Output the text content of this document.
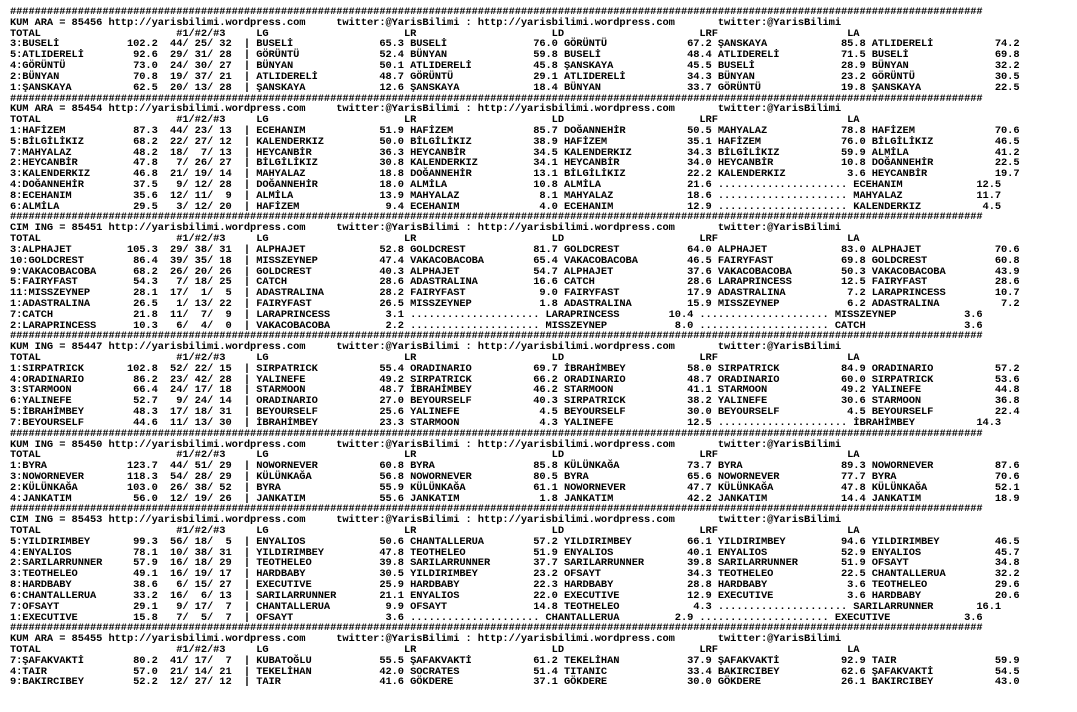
##############################################################################################################################################################
KUM ARA = 85456 http://yarisbilimi.wordpress.com     twitter:@YarisBilimi : http://yarisbilimi.wordpress.com       twitter:@YarisBilimi
TOTAL                      #1/#2/#3     LG                      LR                      LD                      LRF                     LA
3:BUSELİ           102.2  44/ 25/ 32  | BUSELİ              65.3 BUSELİ              76.0 GÖRÜNTÜ             67.2 ŞANSKAYA            85.8 ATLIDERELİ          74.2
5:ATLIDERELİ        92.6  29/ 31/ 28  | GÖRÜNTÜ             52.4 BÜNYAN              59.8 BUSELİ              48.4 ATLIDERELİ          71.5 BUSELİ              69.8
4:GÖRÜNTÜ           73.0  24/ 30/ 27  | BÜNYAN              50.1 ATLIDERELİ          45.8 ŞANSKAYA            45.5 BUSELİ              28.9 BÜNYAN              32.2
2:BÜNYAN            70.8  19/ 37/ 21  | ATLIDERELİ          48.7 GÖRÜNTÜ             29.1 ATLIDERELİ          34.3 BÜNYAN              23.2 GÖRÜNTÜ             30.5
1:ŞANSKAYA          62.5  20/ 13/ 28  | ŞANSKAYA            12.6 ŞANSKAYA            18.4 BÜNYAN              33.7 GÖRÜNTÜ             19.8 ŞANSKAYA            22.5
##############################################################################################################################################################
KUM ARA = 85454 http://yarisbilimi.wordpress.com     twitter:@YarisBilimi : http://yarisbilimi.wordpress.com       twitter:@YarisBilimi
TOTAL                      #1/#2/#3     LG                      LR                      LD                      LRF                     LA
1:HAFİZEM           87.3  44/ 23/ 13  | ECEHANIM            51.9 HAFİZEM             85.7 DOĞANNEHİR          50.5 MAHYALAZ            78.8 HAFİZEM             70.6
5:BİLGİLİKIZ        68.2  22/ 27/ 12  | KALENDERKIZ         50.0 BİLGİLİKIZ          38.9 HAFİZEM             35.1 HAFİZEM             76.0 BİLGİLİKIZ          46.5
7:MAHYALAZ          48.2  18/  7/ 13  | HEYCANBİR           36.3 HEYCANBİR           34.5 KALENDERKIZ         34.3 BİLGİLİKIZ          59.9 ALMİLA              41.2
2:HEYCANBİR         47.8   7/ 26/ 27  | BİLGİLİKIZ          30.8 KALENDERKIZ         34.1 HEYCANBİR           34.0 HEYCANBİR           10.8 DOĞANNEHİR          22.5
3:KALENDERKIZ       46.8  21/ 19/ 14  | MAHYALAZ            18.8 DOĞANNEHİR          13.1 BİLGİLİKIZ          22.2 KALENDERKIZ          3.6 HEYCANBİR           19.7
4:DOĞANNEHİR        37.5   9/ 12/ 28  | DOĞANNEHİR          18.0 ALMİLA              10.8 ALMİLA              21.6 ..................... ECEHANIM            12.5
8:ECEHANIM          35.6  12/ 11/  9  | ALMİLA              13.9 MAHYALAZ             8.1 MAHYALAZ            18.6 ..................... MAHYALAZ            11.7
6:ALMİLA            29.5   3/ 12/ 20  | HAFİZEM              9.4 ECEHANIM             4.0 ECEHANIM            12.9 ..................... KALENDERKIZ          4.5
##############################################################################################################################################################
CIM ING = 85451 http://yarisbilimi.wordpress.com     twitter:@YarisBilimi : http://yarisbilimi.wordpress.com       twitter:@YarisBilimi
TOTAL                      #1/#2/#3     LG                      LR                      LD                      LRF                     LA
3:ALPHAJET         105.3  29/ 38/ 31  | ALPHAJET            52.8 GOLDCREST           81.7 GOLDCREST           64.0 ALPHAJET            83.0 ALPHAJET            70.6
10:GOLDCREST        86.4  39/ 35/ 18  | MISSZEYNEP          47.4 VAKACOBACOBA        65.4 VAKACOBACOBA        46.5 FAIRYFAST           69.8 GOLDCREST           60.8
9:VAKACOBACOBA      68.2  26/ 20/ 26  | GOLDCREST           40.3 ALPHAJET            54.7 ALPHAJET            37.6 VAKACOBACOBA        50.3 VAKACOBACOBA        43.9
5:FAIRYFAST         54.3   7/ 18/ 25  | CATCH               28.6 ADASTRALINA         16.6 CATCH               28.6 LARAPRINCESS        12.5 FAIRYFAST           28.6
11:MISSZEYNEP       28.1  17/  1/  5  | ADASTRALINA         28.2 FAIRYFAST            9.0 FAIRYFAST           17.9 ADASTRALINA          7.2 LARAPRINCESS        10.7
1:ADASTRALINA       26.5   1/ 13/ 22  | FAIRYFAST           26.5 MISSZEYNEP           1.8 ADASTRALINA         15.9 MISSZEYNEP           6.2 ADASTRALINA          7.2
7:CATCH             21.8  11/  7/  9  | LARAPRINCESS         3.1 ..................... LARAPRINCESS        10.4 ..................... MISSZEYNEP           3.6
2:LARAPRINCESS      10.3   6/  4/  0  | VAKACOBACOBA         2.2 ..................... MISSZEYNEP           8.0 ..................... CATCH                3.6
##############################################################################################################################################################
KUM ING = 85447 http://yarisbilimi.wordpress.com     twitter:@YarisBilimi : http://yarisbilimi.wordpress.com       twitter:@YarisBilimi
TOTAL                      #1/#2/#3     LG                      LR                      LD                      LRF                     LA
1:SIRPATRICK       102.8  52/ 22/ 15  | SIRPATRICK          55.4 ORADINARIO          69.7 İBRAHİMBEY          58.0 SIRPATRICK          84.9 ORADINARIO          57.2
4:ORADINARIO        86.2  23/ 42/ 28  | YALINEFE            49.2 SIRPATRICK          66.2 ORADINARIO          48.7 ORADINARIO          60.0 SIRPATRICK          53.6
3:STARMOON          66.4  24/ 17/ 18  | STARMOON            48.7 İBRAHİMBEY          46.2 STARMOON            41.1 STARMOON            49.2 YALINEFE            44.8
6:YALINEFE          52.7   9/ 24/ 14  | ORADINARIO          27.0 BEYOURSELF          40.3 SIRPATRICK          38.2 YALINEFE            30.6 STARMOON            36.8
5:İBRAHİMBEY        48.3  17/ 18/ 31  | BEYOURSELF          25.6 YALINEFE             4.5 BEYOURSELF          30.0 BEYOURSELF           4.5 BEYOURSELF          22.4
7:BEYOURSELF        44.6  11/ 13/ 30  | İBRAHİMBEY          23.3 STARMOON             4.3 YALINEFE            12.5 ..................... İBRAHİMBEY          14.3
##############################################################################################################################################################
KUM ING = 85450 http://yarisbilimi.wordpress.com     twitter:@YarisBilimi : http://yarisbilimi.wordpress.com       twitter:@YarisBilimi
TOTAL                      #1/#2/#3     LG                      LR                      LD                      LRF                     LA
1:BYRA             123.7  44/ 51/ 29  | NOWORNEVER          60.8 BYRA                85.8 KÜLÜNKAĞA           73.7 BYRA                89.3 NOWORNEVER          87.6
3:NOWORNEVER       118.3  54/ 28/ 29  | KÜLÜNKAĞA           56.8 NOWORNEVER          80.5 BYRA                65.6 NOWORNEVER          77.7 BYRA                70.6
2:KÜLÜNKAĞA        103.0  26/ 38/ 52  | BYRA                55.9 KÜLÜNKAĞA           61.1 NOWORNEVER          47.7 KÜLÜNKAĞA           47.8 KÜLÜNKAĞA           52.1
4:JANKATIM          56.0  12/ 19/ 26  | JANKATIM            55.6 JANKATIM             1.8 JANKATIM            42.2 JANKATIM            14.4 JANKATIM            18.9
##############################################################################################################################################################
CIM ING = 85453 http://yarisbilimi.wordpress.com     twitter:@YarisBilimi : http://yarisbilimi.wordpress.com       twitter:@YarisBilimi
TOTAL                      #1/#2/#3     LG                      LR                      LD                      LRF                     LA
5:YILDIRIMBEY       99.3  56/ 18/  5  | ENYALIOS            50.6 CHANTALLERUA        57.2 YILDIRIMBEY         66.1 YILDIRIMBEY         94.6 YILDIRIMBEY         46.5
4:ENYALIOS          78.1  10/ 38/ 31  | YILDIRIMBEY         47.8 TEOTHELEO           51.9 ENYALIOS            40.1 ENYALIOS            52.9 ENYALIOS            45.7
2:SARILARRUNNER     57.9  16/ 18/ 29  | TEOTHELEO           39.8 SARILARRUNNER       37.7 SARILARRUNNER       39.8 SARILARRUNNER       51.9 OFSAYT              34.8
3:TEOTHELEO         49.1  16/ 19/ 17  | HARDBABY            30.5 YILDIRIMBEY         23.2 OFSAYT              34.3 TEOTHELEO           22.5 CHANTALLERUA        32.2
8:HARDBABY          38.6   6/ 15/ 27  | EXECUTIVE           25.9 HARDBABY            22.3 HARDBABY            28.8 HARDBABY             3.6 TEOTHELEO           29.6
6:CHANTALLERUA      33.2  16/  6/ 13  | SARILARRUNNER       21.1 ENYALIOS            22.0 EXECUTIVE           12.9 EXECUTIVE            3.6 HARDBABY            20.6
7:OFSAYT            29.1   9/ 17/  7  | CHANTALLERUA         9.9 OFSAYT              14.8 TEOTHELEO            4.3 ..................... SARILARRUNNER       16.1
1:EXECUTIVE         15.8   7/  5/  7  | OFSAYT               3.6 ..................... CHANTALLERUA         2.9 ..................... EXECUTIVE            3.6
##############################################################################################################################################################
KUM ARA = 85455 http://yarisbilimi.wordpress.com     twitter:@YarisBilimi : http://yarisbilimi.wordpress.com       twitter:@YarisBilimi
TOTAL                      #1/#2/#3     LG                      LR                      LD                      LRF                     LA
7:ŞAFAKVAKTİ        80.2  41/ 17/  7  | KUBATOĞLU           55.5 ŞAFAKVAKTİ          61.2 TEKELİHAN           37.9 ŞAFAKVAKTİ          92.9 TAIR                59.9
4:TAIR              57.0  21/ 14/ 21  | TEKELİHAN           42.0 SOCRATES            51.4 TITANIC             33.4 BAKIRCIBEY          62.6 ŞAFAKVAKTİ          54.5
9:BAKIRCIBEY        52.2  12/ 27/ 12  | TAIR                41.6 GÖKDERE             37.1 GÖKDERE             30.0 GÖKDERE             26.1 BAKIRCIBEY          43.0
